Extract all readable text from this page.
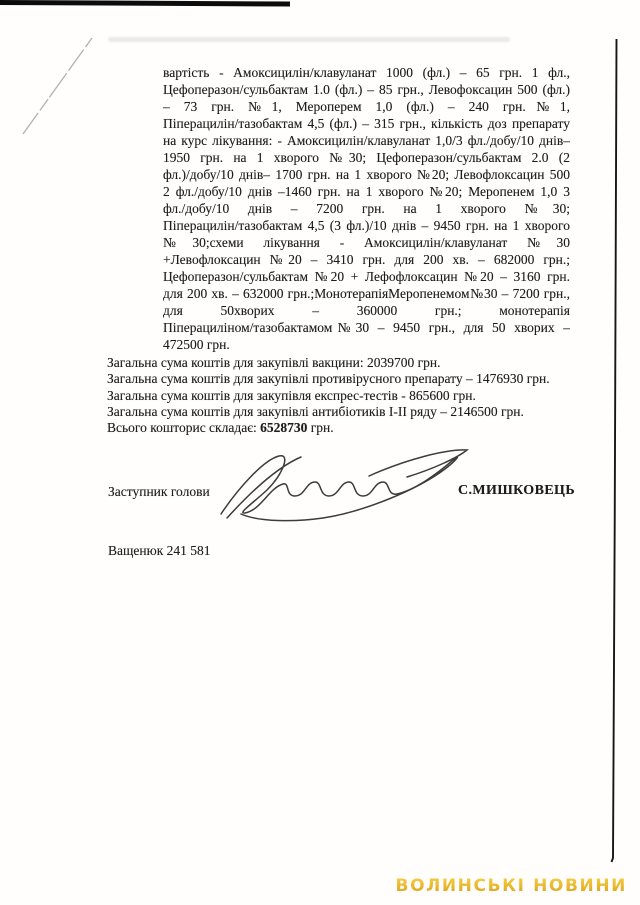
вартість - Амоксицилін/клавуланат 1000 (фл.) – 65 грн. 1 фл.,
Цефоперазон/сульбактам 1.0 (фл.) – 85 грн., Левофоксацин 500 (фл.)
– 73 грн. №1, Мероперем 1,0 (фл.) – 240 грн.№1,
Піперацилін/тазобактам 4,5 (фл.) – 315 грн., кількість доз препарату
на курс лікування: - Амоксицилін/клавуланат 1,0/3 фл./добу/10 днів–
1950 грн. на 1 хворого №30; Цефоперазон/сульбактам 2.0 (2
фл.)/добу/10 днів– 1700 грн. на 1 хворого №20; Левофлоксацин 500
2 фл./добу/10 днів –1460 грн. на 1 хворого №20; Меропенем 1,0 3
фл./добу/10 днів – 7200 грн. на 1 хворого №30;
Піперацилін/тазобактам 4,5 (3 фл.)/10 днів – 9450 грн. на 1 хворого
№30;схеми лікування - Амоксицилін/клавуланат №30
+Левофлоксацин №20 – 3410 грн. для 200 хв. – 682000 грн.;
Цефоперазон/сульбактам №20 + Лефофлоксацин №20 – 3160 грн.
для 200 хв. – 632000 грн.;МонотерапіяМеропенемом№30 – 7200 грн.,
для 50хворих – 360000 грн.; монотерапія
Піперациліном/тазобактамом№30 – 9450 грн., для 50 хворих –
472500 грн.
Загальна сума коштів для закупівлі вакцини: 2039700 грн.
Загальна сума коштів для закупівлі противірусного препарату – 1476930 грн.
Загальна сума коштів для закупівля експрес-тестів - 865600 грн.
Загальна сума коштів для закупівлі антибіотиків I-II ряду – 2146500 грн.
Всього кошторис складає: 6528730 грн.
Заступник голови	С.МИШКОВЕЦЬ
Ващенюк 241 581
ВОЛИНСЬКІ НОВИНИ
